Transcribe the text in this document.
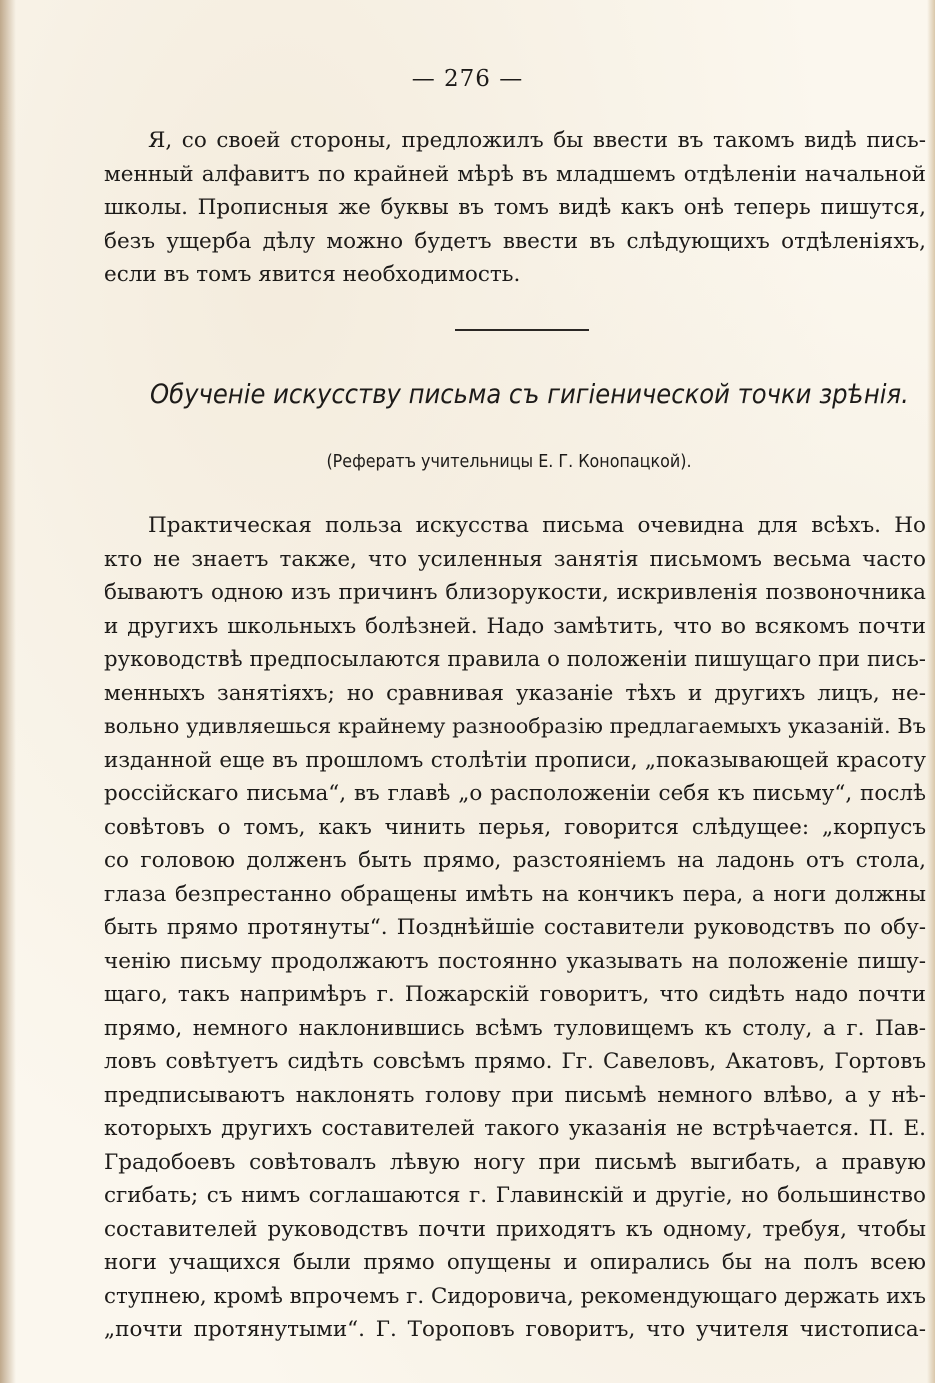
— 276 —
Я, со своей стороны, предложилъ бы ввести въ такомъ видѣ пись-
менный алфавитъ по крайней мѣрѣ въ младшемъ отдѣленіи начальной
школы. Прописныя же буквы въ томъ видѣ какъ онѣ теперь пишутся,
безъ ущерба дѣлу можно будетъ ввести въ слѣдующихъ отдѣленіяхъ,
если въ томъ явится необходимость.
Обученіе искусству письма съ гигіенической точки зрѣнія.
(Рефератъ учительницы Е. Г. Конопацкой).
Практическая польза искусства письма очевидна для всѣхъ. Но
кто не знаетъ также, что усиленныя занятія письмомъ весьма часто
бываютъ одною изъ причинъ близорукости, искривленія позвоночника
и другихъ школьныхъ болѣзней. Надо замѣтить, что во всякомъ почти
руководствѣ предпосылаются правила о положеніи пишущаго при пись-
менныхъ занятіяхъ; но сравнивая указаніе тѣхъ и другихъ лицъ, не-
вольно удивляешься крайнему разнообразію предлагаемыхъ указаній. Въ
изданной еще въ прошломъ столѣтіи прописи, „показывающей красоту
россійскаго письма“, въ главѣ „о расположеніи себя къ письму“, послѣ
совѣтовъ о томъ, какъ чинить перья, говорится слѣдущее: „корпусъ
со головою долженъ быть прямо, разстояніемъ на ладонь отъ стола,
глаза безпрестанно обращены имѣть на кончикъ пера, а ноги должны
быть прямо протянуты“. Позднѣйшіе составители руководствъ по обу-
ченію письму продолжаютъ постоянно указывать на положеніе пишу-
щаго, такъ напримѣръ г. Пожарскій говоритъ, что сидѣть надо почти
прямо, немного наклонившись всѣмъ туловищемъ къ столу, а г. Пав-
ловъ совѣтуетъ сидѣть совсѣмъ прямо. Гг. Савеловъ, Акатовъ, Гортовъ
предписываютъ наклонять голову при письмѣ немного влѣво, а у нѣ-
которыхъ другихъ составителей такого указанія не встрѣчается. П. Е.
Градобоевъ совѣтовалъ лѣвую ногу при письмѣ выгибать, а правую
сгибать; съ нимъ соглашаются г. Главинскій и другіе, но большинство
составителей руководствъ почти приходятъ къ одному, требуя, чтобы
ноги учащихся были прямо опущены и опирались бы на полъ всею
ступнею, кромѣ впрочемъ г. Сидоровича, рекомендующаго держать ихъ
„почти протянутыми“. Г. Тороповъ говоритъ, что учителя чистописа-
